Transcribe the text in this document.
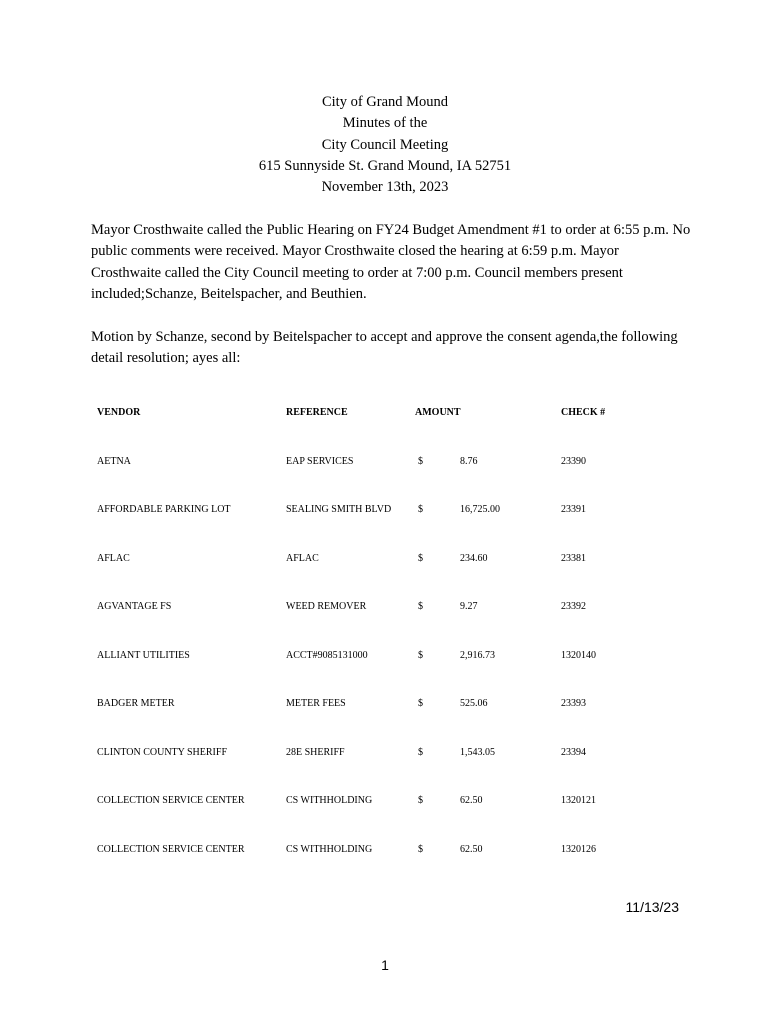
City of Grand Mound
Minutes of the
City Council Meeting
615 Sunnyside St. Grand Mound, IA 52751
November 13th, 2023
Mayor Crosthwaite called the Public Hearing on FY24 Budget Amendment #1 to order at 6:55 p.m. No public comments were received. Mayor Crosthwaite closed the hearing at 6:59 p.m. Mayor Crosthwaite called the City Council meeting to order at 7:00 p.m. Council members present included;Schanze, Beitelspacher, and Beuthien.
Motion by Schanze, second by Beitelspacher to accept and approve the consent agenda,the following detail resolution; ayes all:
VENDOR	REFERENCE	AMOUNT	CHECK #
AETNA	EAP SERVICES	$	8.76	23390
AFFORDABLE PARKING LOT	SEALING SMITH BLVD	$	16,725.00	23391
AFLAC	AFLAC	$	234.60	23381
AGVANTAGE FS	WEED REMOVER	$	9.27	23392
ALLIANT UTILITIES	ACCT#9085131000	$	2,916.73	1320140
BADGER METER	METER FEES	$	525.06	23393
CLINTON COUNTY SHERIFF	28E SHERIFF	$	1,543.05	23394
COLLECTION SERVICE CENTER	CS WITHHOLDING	$	62.50	1320121
COLLECTION SERVICE CENTER	CS WITHHOLDING	$	62.50	1320126
11/13/23
1
